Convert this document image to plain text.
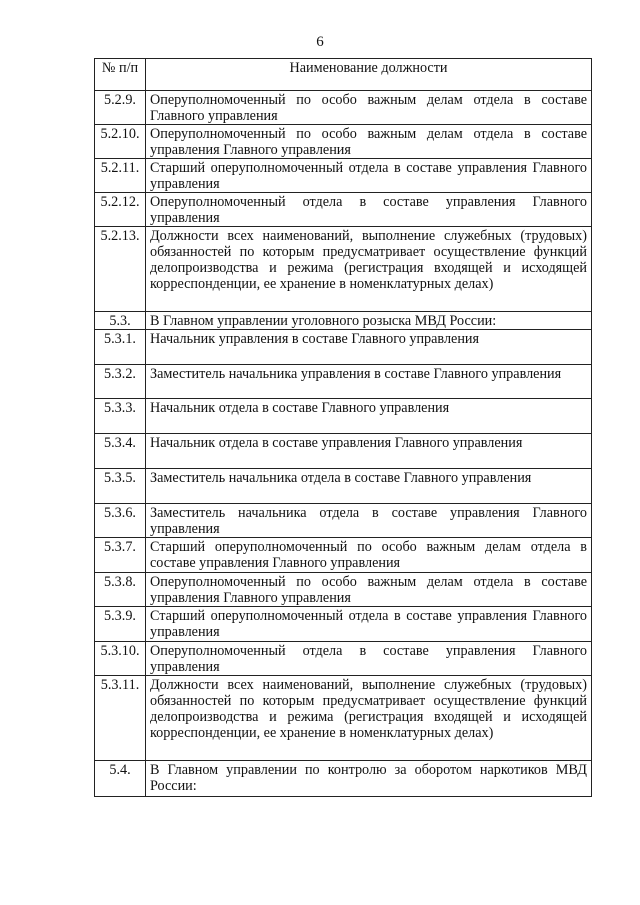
6
№ п/п	Наименование должности
5.2.9.	Оперуполномоченный по особо важным делам отдела в составе Главного управления
5.2.10.	Оперуполномоченный по особо важным делам отдела в составе управления Главного управления
5.2.11.	Старший оперуполномоченный отдела в составе управления Главного управления
5.2.12.	Оперуполномоченный отдела в составе управления Главного управления
5.2.13.	Должности всех наименований, выполнение служебных (трудовых) обязанностей по которым предусматривает осуществление функций делопроизводства и режима (регистрация входящей и исходящей корреспонденции, ее хранение в номенклатурных делах)
5.3.	В Главном управлении уголовного розыска МВД России:
5.3.1.	Начальник управления в составе Главного управления
5.3.2.	Заместитель начальника управления в составе Главного управления
5.3.3.	Начальник отдела в составе Главного управления
5.3.4.	Начальник отдела в составе управления Главного управления
5.3.5.	Заместитель начальника отдела в составе Главного управления
5.3.6.	Заместитель начальника отдела в составе управления Главного управления
5.3.7.	Старший оперуполномоченный по особо важным делам отдела в составе управления Главного управления
5.3.8.	Оперуполномоченный по особо важным делам отдела в составе управления Главного управления
5.3.9.	Старший оперуполномоченный отдела в составе управления Главного управления
5.3.10.	Оперуполномоченный отдела в составе управления Главного управления
5.3.11.	Должности всех наименований, выполнение служебных (трудовых) обязанностей по которым предусматривает осуществление функций делопроизводства и режима (регистрация входящей и исходящей корреспонденции, ее хранение в номенклатурных делах)
5.4.	В Главном управлении по контролю за оборотом наркотиков МВД России:
